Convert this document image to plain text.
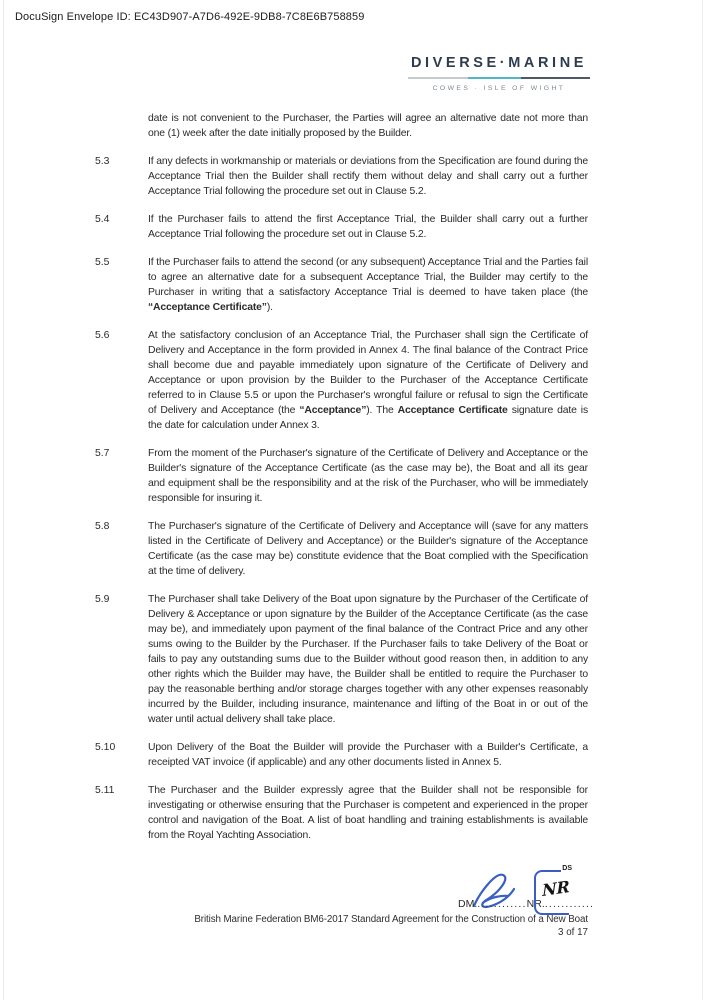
DocuSign Envelope ID: EC43D907-A7D6-492E-9DB8-7C8E6B758859
DIVERSE·MARINE
COWES · ISLE OF WIGHT
date is not convenient to the Purchaser, the Parties will agree an alternative date not more than one (1) week after the date initially proposed by the Builder.
5.3	If any defects in workmanship or materials or deviations from the Specification are found during the Acceptance Trial then the Builder shall rectify them without delay and shall carry out a further Acceptance Trial following the procedure set out in Clause 5.2.
5.4	If the Purchaser fails to attend the first Acceptance Trial, the Builder shall carry out a further Acceptance Trial following the procedure set out in Clause 5.2.
5.5	If the Purchaser fails to attend the second (or any subsequent) Acceptance Trial and the Parties fail to agree an alternative date for a subsequent Acceptance Trial, the Builder may certify to the Purchaser in writing that a satisfactory Acceptance Trial is deemed to have taken place (the “Acceptance Certificate”).
5.6	At the satisfactory conclusion of an Acceptance Trial, the Purchaser shall sign the Certificate of Delivery and Acceptance in the form provided in Annex 4. The final balance of the Contract Price shall become due and payable immediately upon signature of the Certificate of Delivery and Acceptance or upon provision by the Builder to the Purchaser of the Acceptance Certificate referred to in Clause 5.5 or upon the Purchaser's wrongful failure or refusal to sign the Certificate of Delivery and Acceptance (the “Acceptance”). The Acceptance Certificate signature date is the date for calculation under Annex 3.
5.7	From the moment of the Purchaser's signature of the Certificate of Delivery and Acceptance or the Builder's signature of the Acceptance Certificate (as the case may be), the Boat and all its gear and equipment shall be the responsibility and at the risk of the Purchaser, who will be immediately responsible for insuring it.
5.8	The Purchaser's signature of the Certificate of Delivery and Acceptance will (save for any matters listed in the Certificate of Delivery and Acceptance) or the Builder's signature of the Acceptance Certificate (as the case may be) constitute evidence that the Boat complied with the Specification at the time of delivery.
5.9	The Purchaser shall take Delivery of the Boat upon signature by the Purchaser of the Certificate of Delivery & Acceptance or upon signature by the Builder of the Acceptance Certificate (as the case may be), and immediately upon payment of the final balance of the Contract Price and any other sums owing to the Builder by the Purchaser. If the Purchaser fails to take Delivery of the Boat or fails to pay any outstanding sums due to the Builder without good reason then, in addition to any other rights which the Builder may have, the Builder shall be entitled to require the Purchaser to pay the reasonable berthing and/or storage charges together with any other expenses reasonably incurred by the Builder, including insurance, maintenance and lifting of the Boat in or out of the water until actual delivery shall take place.
5.10	Upon Delivery of the Boat the Builder will provide the Purchaser with a Builder's Certificate, a receipted VAT invoice (if applicable) and any other documents listed in Annex 5.
5.11	The Purchaser and the Builder expressly agree that the Builder shall not be responsible for investigating or otherwise ensuring that the Purchaser is competent and experienced in the proper control and navigation of the Boat. A list of boat handling and training establishments is available from the Royal Yachting Association.
DM.............NR.............
DS
NR
British Marine Federation BM6-2017 Standard Agreement for the Construction of a New Boat
3 of 17
